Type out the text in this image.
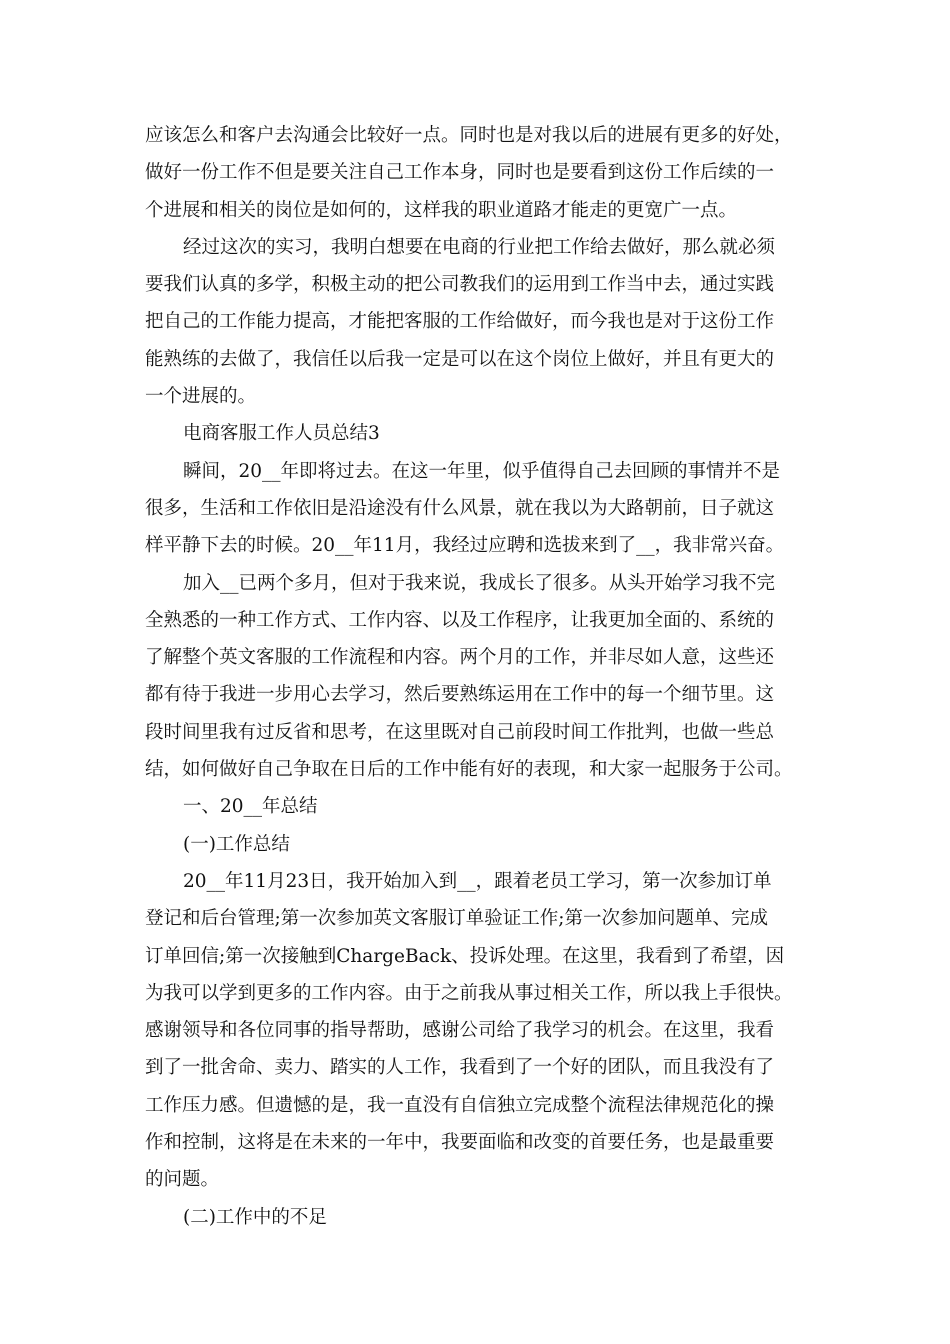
应该怎么和客户去沟通会比较好一点。同时也是对我以后的进展有更多的好处，
做好一份工作不但是要关注自己工作本身，同时也是要看到这份工作后续的一
个进展和相关的岗位是如何的，这样我的职业道路才能走的更宽广一点。
经过这次的实习，我明白想要在电商的行业把工作给去做好，那么就必须
要我们认真的多学，积极主动的把公司教我们的运用到工作当中去，通过实践
把自己的工作能力提高，才能把客服的工作给做好，而今我也是对于这份工作
能熟练的去做了，我信任以后我一定是可以在这个岗位上做好，并且有更大的
一个进展的。
电商客服工作人员总结3
瞬间，20__年即将过去。在这一年里，似乎值得自己去回顾的事情并不是
很多，生活和工作依旧是沿途没有什么风景，就在我以为大路朝前，日子就这
样平静下去的时候。20__年11月，我经过应聘和选拔来到了__，我非常兴奋。
加入__已两个多月，但对于我来说，我成长了很多。从头开始学习我不完
全熟悉的一种工作方式、工作内容、以及工作程序，让我更加全面的、系统的
了解整个英文客服的工作流程和内容。两个月的工作，并非尽如人意，这些还
都有待于我进一步用心去学习，然后要熟练运用在工作中的每一个细节里。这
段时间里我有过反省和思考，在这里既对自己前段时间工作批判，也做一些总
结，如何做好自己争取在日后的工作中能有好的表现，和大家一起服务于公司。
一、20__年总结
(一)工作总结
20__年11月23日，我开始加入到__，跟着老员工学习，第一次参加订单
登记和后台管理;第一次参加英文客服订单验证工作;第一次参加问题单、完成
订单回信;第一次接触到ChargeBack、投诉处理。在这里，我看到了希望，因
为我可以学到更多的工作内容。由于之前我从事过相关工作，所以我上手很快。
感谢领导和各位同事的指导帮助，感谢公司给了我学习的机会。在这里，我看
到了一批舍命、卖力、踏实的人工作，我看到了一个好的团队，而且我没有了
工作压力感。但遗憾的是，我一直没有自信独立完成整个流程法律规范化的操
作和控制，这将是在未来的一年中，我要面临和改变的首要任务，也是最重要
的问题。
(二)工作中的不足
